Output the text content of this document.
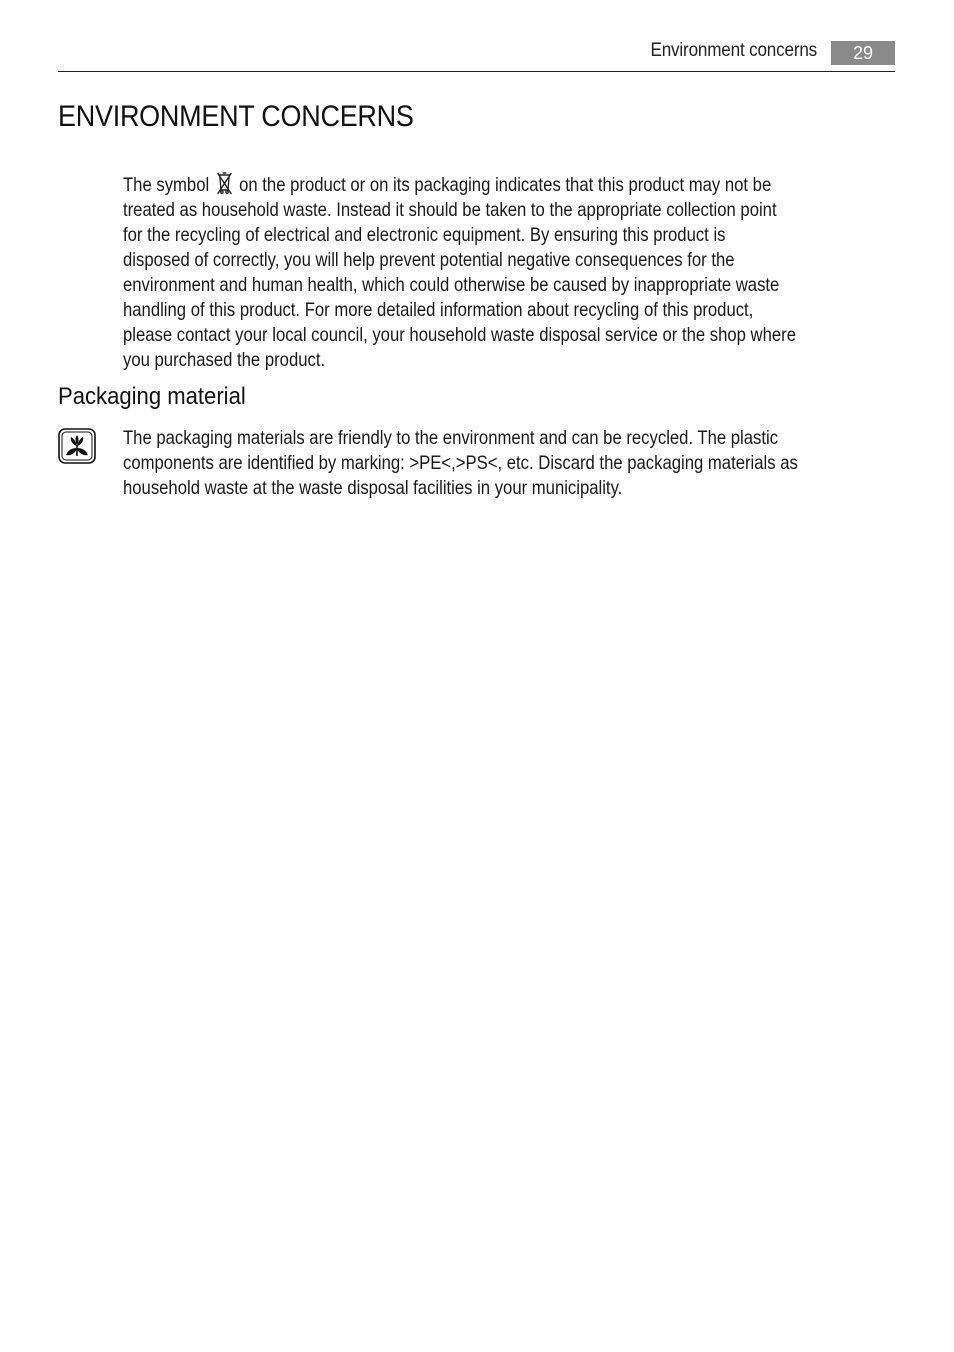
Environment concerns	29
ENVIRONMENT CONCERNS

The symbol on the product or on its packaging indicates that this product may not be
treated as household waste. Instead it should be taken to the appropriate collection point
for the recycling of electrical and electronic equipment. By ensuring this product is
disposed of correctly, you will help prevent potential negative consequences for the
environment and human health, which could otherwise be caused by inappropriate waste
handling of this product. For more detailed information about recycling of this product,
please contact your local council, your household waste disposal service or the shop where
you purchased the product.

Packaging material

The packaging materials are friendly to the environment and can be recycled. The plastic
components are identified by marking: >PE<,>PS<, etc. Discard the packaging materials as
household waste at the waste disposal facilities in your municipality.
